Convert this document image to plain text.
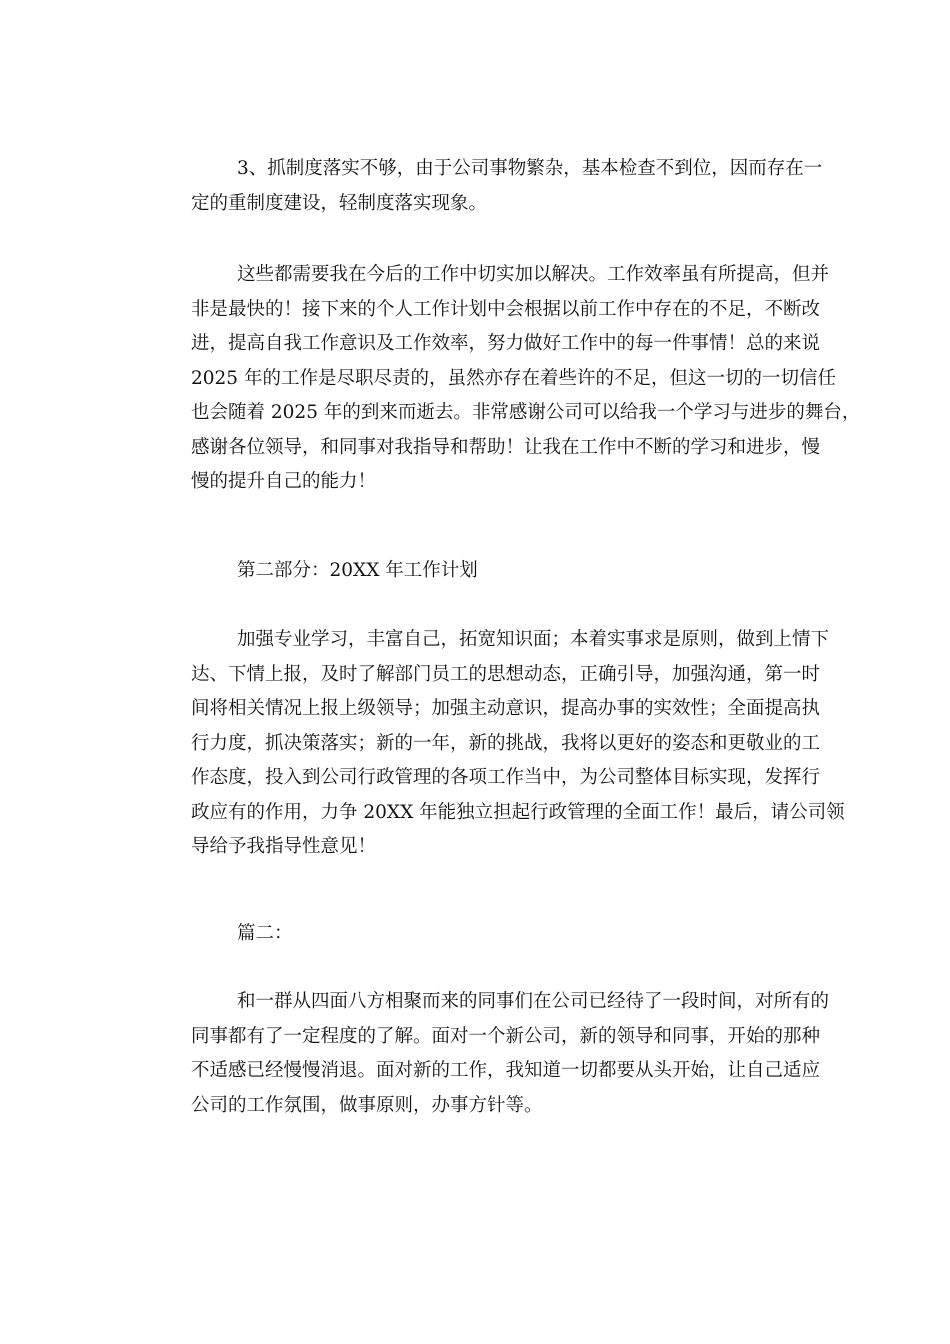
3、抓制度落实不够，由于公司事物繁杂，基本检查不到位，因而存在一
定的重制度建设，轻制度落实现象。
这些都需要我在今后的工作中切实加以解决。工作效率虽有所提高，但并
非是最快的！接下来的个人工作计划中会根据以前工作中存在的不足，不断改
进，提高自我工作意识及工作效率，努力做好工作中的每一件事情！总的来说
2025 年的工作是尽职尽责的，虽然亦存在着些许的不足，但这一切的一切信任
也会随着 2025 年的到来而逝去。非常感谢公司可以给我一个学习与进步的舞台，
感谢各位领导，和同事对我指导和帮助！让我在工作中不断的学习和进步，慢
慢的提升自己的能力！
第二部分：20XX 年工作计划
加强专业学习，丰富自己，拓宽知识面；本着实事求是原则，做到上情下
达、下情上报，及时了解部门员工的思想动态，正确引导，加强沟通，第一时
间将相关情况上报上级领导；加强主动意识，提高办事的实效性；全面提高执
行力度，抓决策落实；新的一年，新的挑战，我将以更好的姿态和更敬业的工
作态度，投入到公司行政管理的各项工作当中，为公司整体目标实现，发挥行
政应有的作用，力争 20XX 年能独立担起行政管理的全面工作！最后，请公司领
导给予我指导性意见！
篇二：
和一群从四面八方相聚而来的同事们在公司已经待了一段时间，对所有的
同事都有了一定程度的了解。面对一个新公司，新的领导和同事，开始的那种
不适感已经慢慢消退。面对新的工作，我知道一切都要从头开始，让自己适应
公司的工作氛围，做事原则，办事方针等。
